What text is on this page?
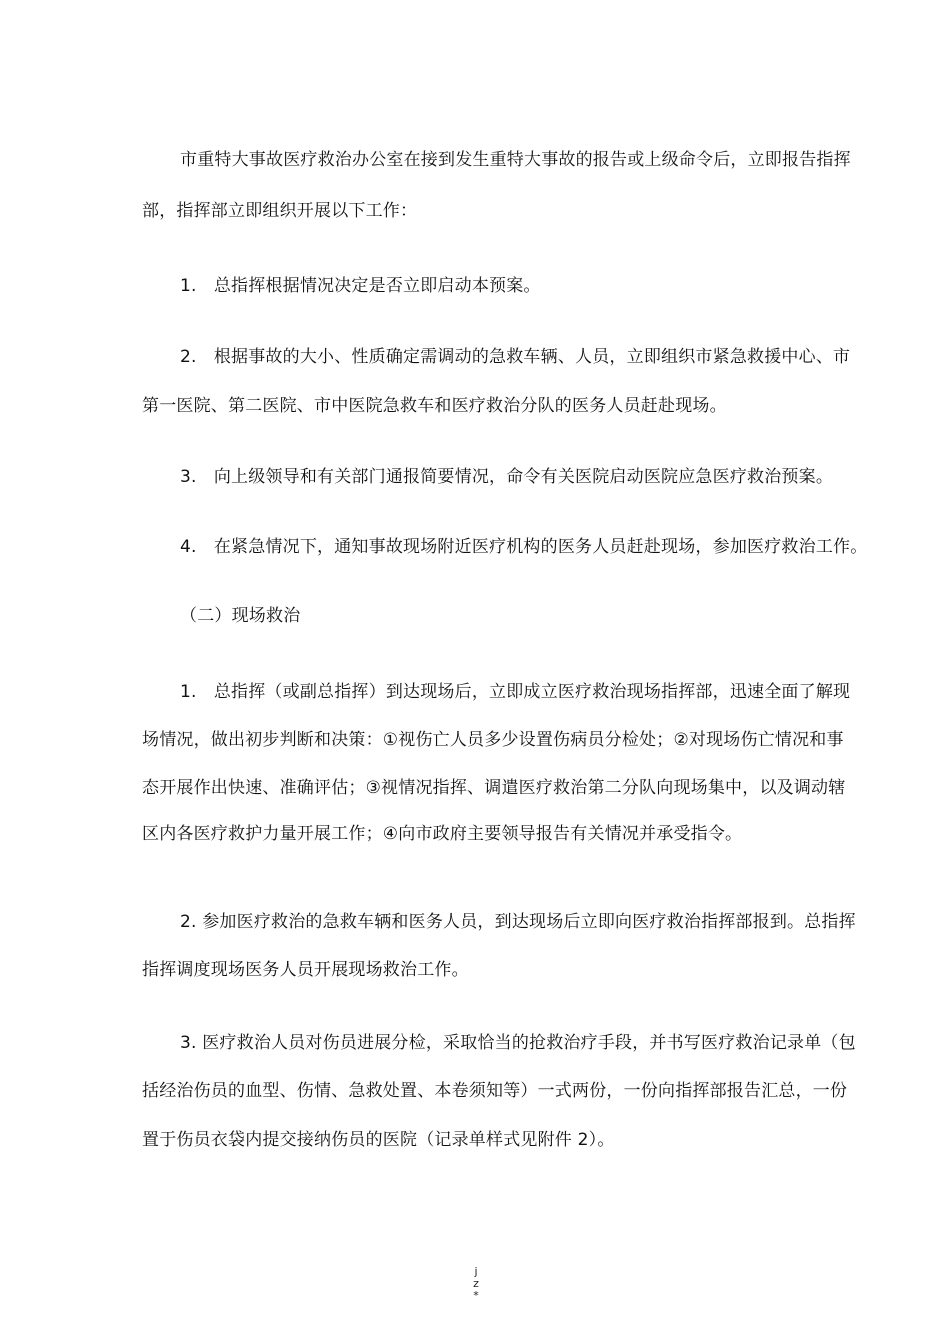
市重特大事故医疗救治办公室在接到发生重特大事故的报告或上级命令后，立即报告指挥
部，指挥部立即组织开展以下工作：
1.　总指挥根据情况决定是否立即启动本预案。
2.　根据事故的大小、性质确定需调动的急救车辆、人员，立即组织市紧急救援中心、市
第一医院、第二医院、市中医院急救车和医疗救治分队的医务人员赶赴现场。
3.　向上级领导和有关部门通报简要情况，命令有关医院启动医院应急医疗救治预案。
4.　在紧急情况下，通知事故现场附近医疗机构的医务人员赶赴现场，参加医疗救治工作。
（二）现场救治
1.　总指挥（或副总指挥）到达现场后，立即成立医疗救治现场指挥部，迅速全面了解现
场情况，做出初步判断和决策：①视伤亡人员多少设置伤病员分检处；②对现场伤亡情况和事
态开展作出快速、准确评估；③视情况指挥、调遣医疗救治第二分队向现场集中，以及调动辖
区内各医疗救护力量开展工作；④向市政府主要领导报告有关情况并承受指令。
2. 参加医疗救治的急救车辆和医务人员，到达现场后立即向医疗救治指挥部报到。总指挥
指挥调度现场医务人员开展现场救治工作。
3. 医疗救治人员对伤员进展分检，采取恰当的抢救治疗手段，并书写医疗救治记录单（包
括经治伤员的血型、伤情、急救处置、本卷须知等）一式两份，一份向指挥部报告汇总，一份
置于伤员衣袋内提交接纳伤员的医院（记录单样式见附件 2）。
j
z
*
